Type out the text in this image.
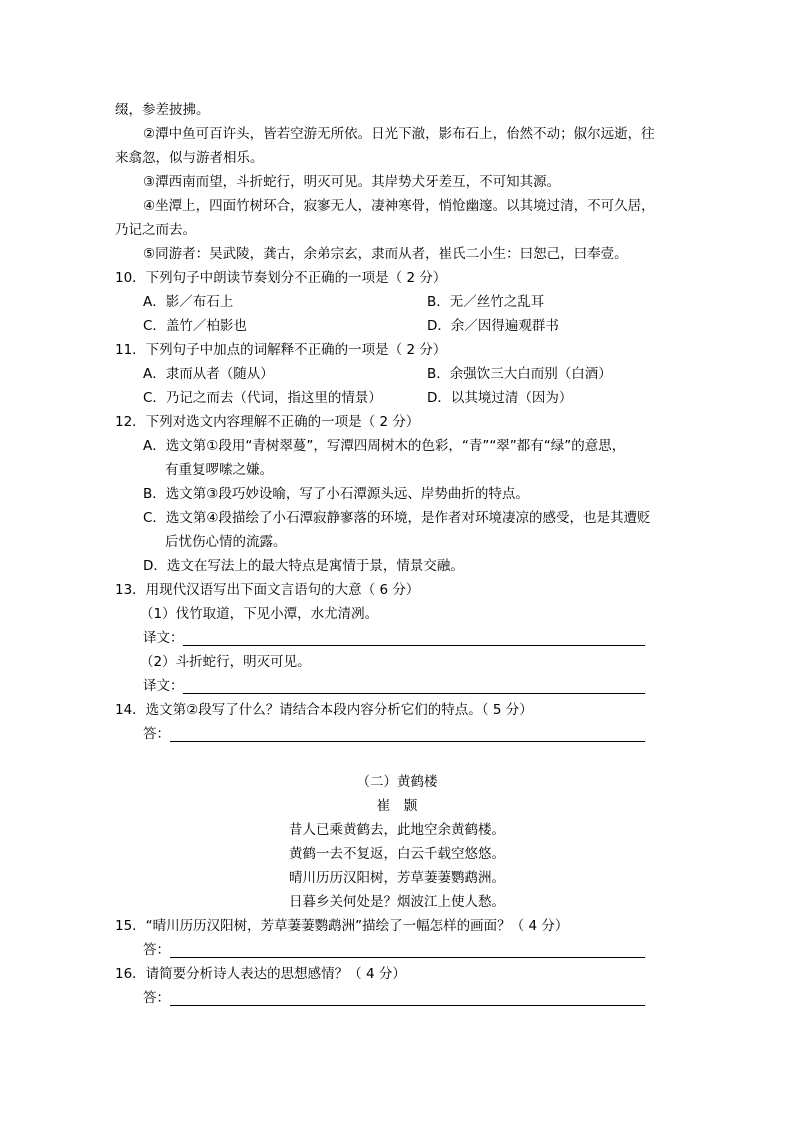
缀，参差披拂。
②潭中鱼可百许头，皆若空游无所依。日光下澈，影布石上，佁然不动；俶尔远逝，往
来翕忽，似与游者相乐。
③潭西南而望，斗折蛇行，明灭可见。其岸势犬牙差互，不可知其源。
④坐潭上，四面竹树环合，寂寥无人，凄神寒骨，悄怆幽邃。以其境过清，不可久居，
乃记之而去。
⑤同游者：吴武陵，龚古，余弟宗玄，隶而从者，崔氏二小生：曰恕己，曰奉壹。
10．下列句子中朗读节奏划分不正确的一项是（ 2 分）
A．影／布石上	B．无／丝竹之乱耳
C．盖竹／柏影也	D．余／因得遍观群书
11．下列句子中加点的词解释不正确的一项是（ 2 分）
A．隶而从者（随从）	B．余强饮三大白而别（白酒）
C．乃记之而去（代词，指这里的情景）	D．以其境过清（因为）
12．下列对选文内容理解不正确的一项是（ 2 分）
A．选文第①段用“青树翠蔓”，写潭四周树木的色彩，“青”“翠”都有“绿”的意思，
有重复啰嗦之嫌。
B．选文第③段巧妙设喻，写了小石潭源头远、岸势曲折的特点。
C．选文第④段描绘了小石潭寂静寥落的环境，是作者对环境凄凉的感受，也是其遭贬
后忧伤心情的流露。
D．选文在写法上的最大特点是寓情于景，情景交融。
13．用现代汉语写出下面文言语句的大意（ 6 分）
（1）伐竹取道，下见小潭，水尤清冽。
译文：
（2）斗折蛇行，明灭可见。
译文：
14．选文第②段写了什么？请结合本段内容分析它们的特点。（ 5 分）
答：
（二）黄鹤楼
崔　颢
昔人已乘黄鹤去，此地空余黄鹤楼。
黄鹤一去不复返，白云千载空悠悠。
晴川历历汉阳树，芳草萋萋鹦鹉洲。
日暮乡关何处是？烟波江上使人愁。
15．“晴川历历汉阳树，芳草萋萋鹦鹉洲”描绘了一幅怎样的画面？（ 4 分）
答：
16．请简要分析诗人表达的思想感情？（ 4 分）
答：
